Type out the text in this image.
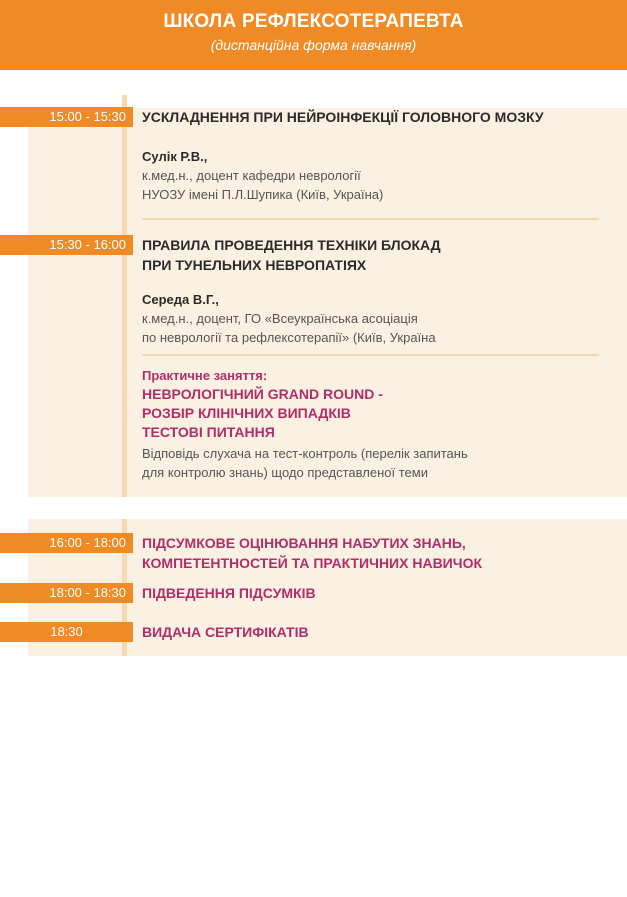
ШКОЛА РЕФЛЕКСОТЕРАПЕВТА
(дистанційна форма навчання)
15:00 - 15:30	УСКЛАДНЕННЯ ПРИ НЕЙРОІНФЕКЦІЇ ГОЛОВНОГО МОЗКУ
Сулік Р.В.,
к.мед.н., доцент кафедри неврології
НУОЗУ імені П.Л.Шупика (Київ, Україна)
15:30 - 16:00	ПРАВИЛА ПРОВЕДЕННЯ ТЕХНІКИ БЛОКАД
ПРИ ТУНЕЛЬНИХ НЕВРОПАТІЯХ
Середа В.Г.,
к.мед.н., доцент, ГО «Всеукраїнська асоціація
по неврології та рефлексотерапії» (Київ, Україна
Практичне заняття:
НЕВРОЛОГІЧНИЙ GRAND ROUND -
РОЗБІР КЛІНІЧНИХ ВИПАДКІВ
ТЕСТОВІ ПИТАННЯ
Відповідь слухача на тест-контроль (перелік запитань
для контролю знань) щодо представленої теми
16:00 - 18:00	ПІДСУМКОВЕ ОЦІНЮВАННЯ НАБУТИХ ЗНАНЬ,
КОМПЕТЕНТНОСТЕЙ ТА ПРАКТИЧНИХ НАВИЧОК
18:00 - 18:30	ПІДВЕДЕННЯ ПІДСУМКІВ
18:30	ВИДАЧА СЕРТИФІКАТІВ
